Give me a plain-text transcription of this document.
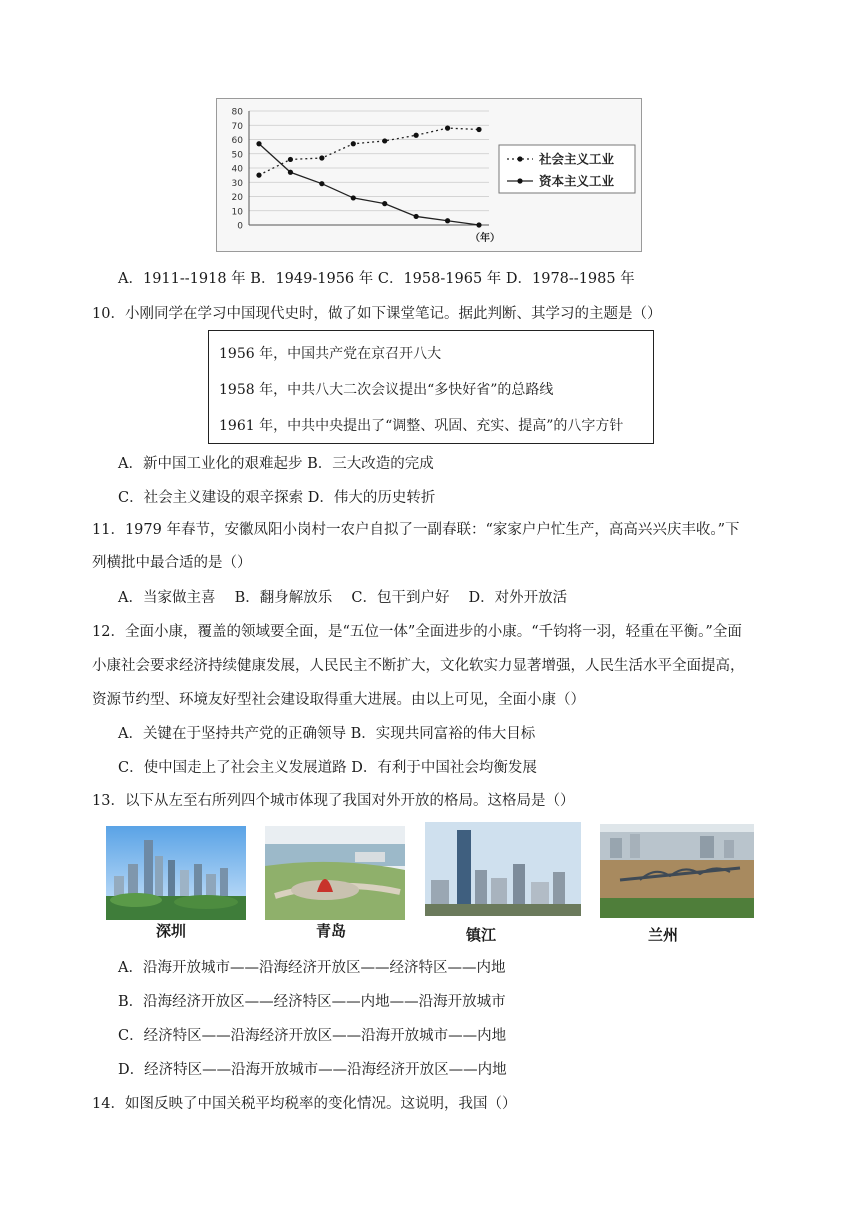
0
10
20
30
40
50
60
70
80
（年）
社会主义工业
资本主义工业
A．1911--1918 年 B．1949-1956 年 C．1958-1965 年 D．1978--1985 年
10．小刚同学在学习中国现代史时，做了如下课堂笔记。据此判断、其学习的主题是（）
1956 年，中国共产党在京召开八大
1958 年，中共八大二次会议提出“多快好省”的总路线
1961 年，中共中央提出了“调整、巩固、充实、提高”的八字方针
A．新中国工业化的艰难起步 B．三大改造的完成
C．社会主义建设的艰辛探索 D．伟大的历史转折
11．1979 年春节，安徽凤阳小岗村一农户自拟了一副春联：“家家户户忙生产，高高兴兴庆丰收。”下
列横批中最合适的是（）
A．当家做主喜　 B．翻身解放乐　 C．包干到户好　 D．对外开放活
12．全面小康，覆盖的领域要全面，是“五位一体”全面进步的小康。“千钧将一羽，轻重在平衡。”全面
小康社会要求经济持续健康发展，人民民主不断扩大，文化软实力显著增强，人民生活水平全面提高，
资源节约型、环境友好型社会建设取得重大进展。由以上可见，全面小康（）
A．关键在于坚持共产党的正确领导 B．实现共同富裕的伟大目标
C．使中国走上了社会主义发展道路 D．有利于中国社会均衡发展
13．以下从左至右所列四个城市体现了我国对外开放的格局。这格局是（）
深圳	青岛	镇江	兰州
A．沿海开放城市——沿海经济开放区——经济特区——内地
B．沿海经济开放区——经济特区——内地——沿海开放城市
C．经济特区——沿海经济开放区——沿海开放城市——内地
D．经济特区——沿海开放城市——沿海经济开放区——内地
14．如图反映了中国关税平均税率的变化情况。这说明，我国（）
